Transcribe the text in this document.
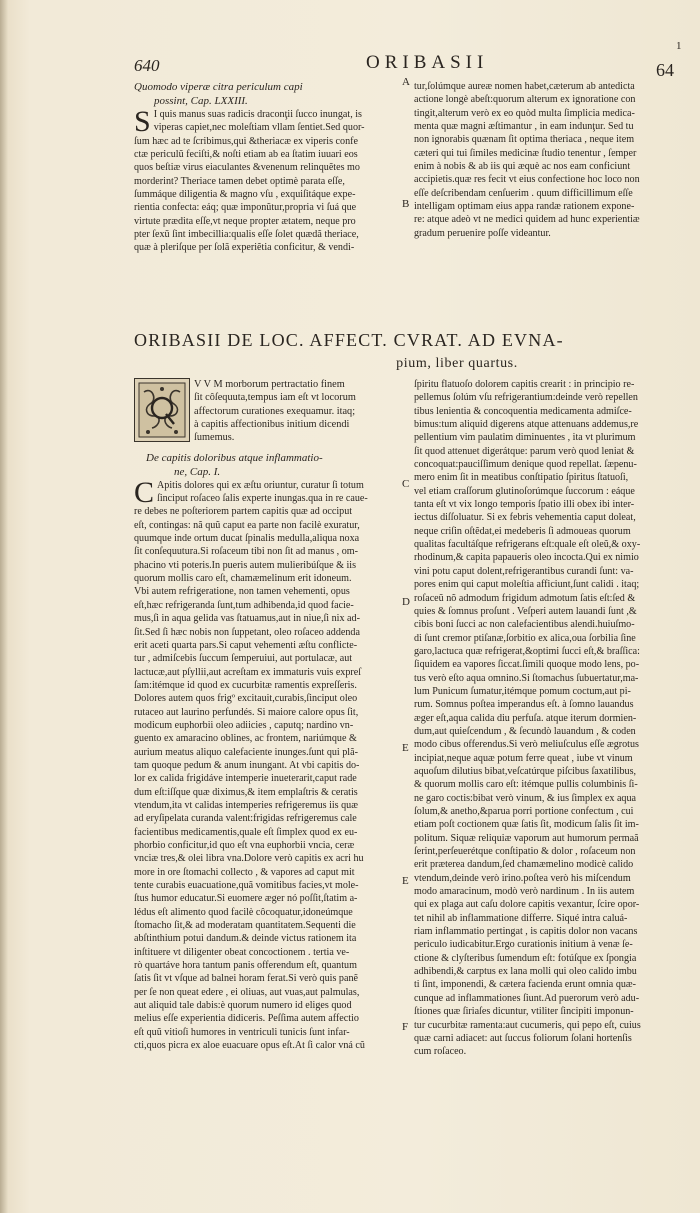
1
640	ORIBASII	64

Quomodo viperæ citra periculum capi

possint, Cap. LXXIII.

S I quis manus suas radicis draconţii ſucco inungat, is
viperas capiet,nec moleſtiam vllam ſentiet.Sed quor-
ſum hæc ad te ſcribimus,qui &theriacæ ex viperis confe
ctæ periculũ feciſti,& noſti etiam ab ea ſtatim iuuari eos
quos beſtiæ virus eiaculantes &venenum relinquẽtes mo
morderint? Theriace tamen debet optimè parata eſſe,
ſummáque diligentia & magno vſu , exquiſitáque expe-
rientia confecta: eáq; quæ imponũtur,propria vi ſuá que
virtute prædita eſſe,vt neque propter ætatem, neque pro
pter ſexũ ſint imbecillia:qualis eſſe ſolet quædã theriace,
quæ à pleriſque per ſolã experiẽtia conficitur, & vendi-
tur,ſolúmque aureæ nomen habet,cæterum ab antedicta
actione longè abeſt:quorum alterum ex ignoratione con
tingit,alterum verò ex eo quòd multa ſimplicia medica-
menta quæ magni æſtimantur , in eam indunţur. Sed tu
non ignorabis quænam ſit optima theriaca , neque item
cæteri qui tui ſimiles medicinæ ſtudio tenentur , ſemper
enim à nobis & ab iis qui æquè ac nos eam conficiunt
accipietis.quæ res fecit vt eius confectione hoc loco non
eſſe deſcribendam cenſuerim . quum difficillimum eſſe
intelligam optimam eius appa randæ rationem expone-
re: atque adeò vt ne medici quidem ad hunc experientiæ
gradum peruenire poſſe videantur.
ORIBASII DE LOC. AFFECT. CVRAT. AD EVNA-
pium, liber quartus.
V V M morborum pertractatio finem
ſit côſequuta,tempus iam eſt vt locorum
affectorum curationes exequamur. itaq;
à capitis affectionibus initium dicendi
ſumemus.

De capitis doloribus atque inflammatio-

ne, Cap. I.

C Apitis dolores qui ex æſtu oriuntur, curatur ſi totum
ſinciput roſaceo ſalis experte inungas.qua in re caue-
re debes ne poſteriorem partem capitis quæ ad occiput
eſt, contingas: nã quũ caput ea parte non facilè exuratur,
quumque inde ortum ducat ſpinalis medulla,aliqua noxa
ſit conſequutura.Si roſaceum tibi non ſit ad manus , om-
phacino vti poteris.In pueris autem mulieribúſque & iis
quorum mollis caro eſt, chamæmelinum erit idoneum.
Vbi autem refrigeratione, non tamen vehementi, opus
eſt,hæc refrigeranda ſunt,tum adhibenda,id quod facie-
mus,ſi in aqua gelida vas ſtatuamus,aut in niue,ſi nix ad-
ſit.Sed ſi hæc nobis non ſuppetant, oleo roſaceo addenda
erit aceti quarta pars.Si caput vehementi æſtu conflicte-
tur , admiſcebis ſuccum ſemperuiui, aut portulacæ, aut
lactucæ,aut pſyllii,aut acreſtam ex immaturis vuis expreſ
ſam:itémque id quod ex cucurbitæ ramentis expreſſeris.
Dolores autem quos frigº excitauit,curabis,ſinciput oleo
rutaceo aut laurino perfundés. Si maiore calore opus ſit,
modicum euphorbii oleo adiicies , caputq; nardino vn-
guento ex amaracino oblines, ac frontem, nariúmque &
aurium meatus aliquo calefaciente inunges.ſunt qui plã-
tam quoque pedum & anum inungant. At vbi capitis do-
lor ex calida frigidáve intemperie inueterarit,caput rade
dum eſt:iſſque quæ diximus,& item emplaſtris & ceratis
vtendum,ita vt calidas intemperies refrigeremus iis quæ
ad eryſipelata curanda valent:frigidas refrigeremus cale
facientibus medicamentis,quale eſt ſimplex quod ex eu-
phorbio conficitur,id quo eſt vna euphorbii vncia, ceræ
vnciæ tres,& olei libra vna.Dolore verò capitis ex acri hu
more in ore ſtomachi collecto , & vapores ad caput mit
tente curabis euacuatione,quã vomitibus facies,vt mole-
ſtus humor educatur.Si euomere æger nó poſſit,ſtatim a-
lédus eſt alimento quod facilè côcoquatur,idoneúmque
ſtomacho ſit,& ad moderatam quantitatem.Sequenti die
abſtinthium potui dandum.& deinde victus rationem ita
inſtituere vt diligenter obeat concoctionem . tertia ve-
rò quartáve hora tantum panis offerendum eſt, quantum
ſatis ſit vt vſque ad balnei horam ferat.Si verò quis panẽ
per ſe non queat edere , ei oliuas, aut vuas,aut palmulas,
aut aliquid tale dabis:è quorum numero id eliges quod
melius eſſe experientia didiceris. Peſſima autem affectio
eſt quũ vitioſi humores in ventriculi tunicis ſunt infar-
cti,quos picra ex aloe euacuare opus eſt.At ſi calor vná cũ
ſpiritu flatuoſo dolorem capitis crearit : in principio re-
pellemus ſolúm vſu refrigerantium:deinde verò repellen
tibus lenientia & concoquentia medicamenta admiſce-
bimus:tum aliquid digerens atque attenuans addemus,re
pellentium vim paulatim diminuentes , ita vt plurimum
ſit quod attenuet digerátque: parum verò quod leniat &
concoquat:pauciſſimum denique quod repellat. ſæpenu-
mero enim ſit in meatibus conſtipatio ſpiritus ſtatuoſi,
vel etiam craſſorum glutinoſorúmque ſuccorum : eáque
tanta eſt vt vix longo temporis ſpatio illi obex ibi inter-
iectus diſſoluatur. Si ex febris vehementia caput doleat,
neque criſin oſtẽdat,ei medeberis ſi admoueas quorum
qualitas facultáſque refrigerans eſt:quale eſt oleũ,& oxy-
rhodinum,& capita papaueris oleo incocta.Qui ex nimio
vini potu caput dolent,refrigerantibus curandi ſunt: va-
pores enim qui caput moleſtia afficiunt,ſunt calidi . itaq;
roſaceũ nõ admodum frigidum admotum ſatis eſt:ſed &
quies & ſomnus proſunt . Veſperi autem lauandi ſunt ,&
cibis boni ſucci ac non calefacientibus alendi.huiuſmo-
di ſunt cremor ptiſanæ,ſorbitio ex alica,oua ſorbilia ſine
garo,lactuca quæ refrigerat,&optimi ſucci eſt,& braſſica:
ſiquidem ea vapores ſiccat.ſimili quoque modo lens, po-
tus verò eſto aqua omnino.Si ſtomachus ſubuertatur,ma-
lum Punicum ſumatur,itémque pomum coctum,aut pi-
rum. Somnus poſtea imperandus eſt. à ſomno lauandus
æger eſt,aqua calida diu perfuſa. atque iterum dormien-
dum,aut quieſcendum , & ſecundò lauandum , & coden
modo cibus offerendus.Si verò meliuſculus eſſe ægrotus
incipiat,neque aquæ potum ferre queat , iube vt vinum
aquoſum dilutius bibat,veſcatúrque piſcibus ſaxatilibus,
& quorum mollis caro eſt: itémque pullis columbinis ſi-
ne garo coctis:bibat verò vinum, & ius ſimplex ex aqua
ſolum,& anetho,&parua porri portione confectum , cui
etiam poſt coctionem quæ ſatis ſit, modicum ſalis ſit im-
politum. Siquæ reliquiæ vaporum aut humorum permaã
ſerint,perſeuerétque conſtipatio & dolor , roſaceum non
erit præterea dandum,ſed chamæmelino modicè calido
vtendum,deinde verò irino.poſtea verò his miſcendum
modo amaracinum, modò verò nardinum . In iis autem
qui ex plaga aut caſu dolore capitis vexantur, ſcire opor-
tet nihil ab inflammatione differre. Siqué intra caluá-
riam inflammatio pertingat , is capitis dolor non vacans
periculo iudicabitur.Ergo curationis initium à venæ ſe-
ctione & clyſteribus ſumendum eſt: fotúſque ex ſpongia
adhibendi,& carptus ex lana molli qui oleo calido imbu
ti ſint, imponendi, & cætera facienda erunt omnia quæ-
cunque ad inflammationes ſiunt.Ad puerorum verò adu-
ſtiones quæ ſiriaſes dicuntur, vtiliter ſincipiti imponun-
tur cucurbitæ ramenta:aut cucumeris, qui pepo eſt, cuius
quæ carni adiacet: aut ſuccus foliorum ſolani hortenſis
cum roſaceo.
A
B
C
D
E
E
F
